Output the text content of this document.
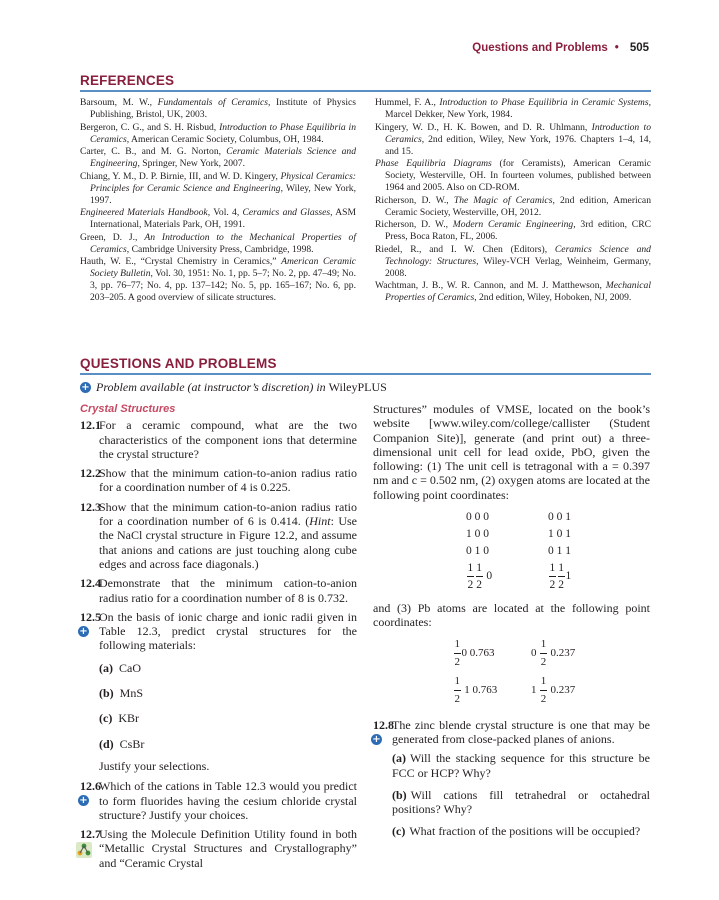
Questions and Problems • 505
REFERENCES
Barsoum, M. W., Fundamentals of Ceramics, Institute of Physics Publishing, Bristol, UK, 2003.
Bergeron, C. G., and S. H. Risbud, Introduction to Phase Equilibria in Ceramics, American Ceramic Society, Columbus, OH, 1984.
Carter, C. B., and M. G. Norton, Ceramic Materials Science and Engineering, Springer, New York, 2007.
Chiang, Y. M., D. P. Birnie, III, and W. D. Kingery, Physical Ceramics: Principles for Ceramic Science and Engineering, Wiley, New York, 1997.
Engineered Materials Handbook, Vol. 4, Ceramics and Glasses, ASM International, Materials Park, OH, 1991.
Green, D. J., An Introduction to the Mechanical Properties of Ceramics, Cambridge University Press, Cambridge, 1998.
Hauth, W. E., “Crystal Chemistry in Ceramics,” American Ceramic Society Bulletin, Vol. 30, 1951: No. 1, pp. 5–7; No. 2, pp. 47–49; No. 3, pp. 76–77; No. 4, pp. 137–142; No. 5, pp. 165–167; No. 6, pp. 203–205. A good overview of silicate structures.
Hummel, F. A., Introduction to Phase Equilibria in Ceramic Systems, Marcel Dekker, New York, 1984.
Kingery, W. D., H. K. Bowen, and D. R. Uhlmann, Introduction to Ceramics, 2nd edition, Wiley, New York, 1976. Chapters 1–4, 14, and 15.
Phase Equilibria Diagrams (for Ceramists), American Ceramic Society, Westerville, OH. In fourteen volumes, published between 1964 and 2005. Also on CD-ROM.
Richerson, D. W., The Magic of Ceramics, 2nd edition, American Ceramic Society, Westerville, OH, 2012.
Richerson, D. W., Modern Ceramic Engineering, 3rd edition, CRC Press, Boca Raton, FL, 2006.
Riedel, R., and I. W. Chen (Editors), Ceramics Science and Technology: Structures, Wiley-VCH Verlag, Weinheim, Germany, 2008.
Wachtman, J. B., W. R. Cannon, and M. J. Matthewson, Mechanical Properties of Ceramics, 2nd edition, Wiley, Hoboken, NJ, 2009.
QUESTIONS AND PROBLEMS
+ Problem available (at instructor’s discretion) in WileyPLUS
Crystal Structures
12.1
For a ceramic compound, what are the two characteristics of the component ions that determine the crystal structure?
12.2
Show that the minimum cation-to-anion radius ratio for a coordination number of 4 is 0.225.
12.3
Show that the minimum cation-to-anion radius ratio for a coordination number of 6 is 0.414. (Hint: Use the NaCl crystal structure in Figure 12.2, and assume that anions and cations are just touching along cube edges and across face diagonals.)
12.4
Demonstrate that the minimum cation-to-anion radius ratio for a coordination number of 8 is 0.732.
12.5
+
On the basis of ionic charge and ionic radii given in Table 12.3, predict crystal structures for the following materials:
(a) CaO
(b) MnS
(c) KBr
(d) CsBr
Justify your selections.
12.6
+
Which of the cations in Table 12.3 would you predict to form fluorides having the cesium chloride crystal structure? Justify your choices.
12.7
Using the Molecule Definition Utility found in both “Metallic Crystal Structures and Crystallography” and “Ceramic Crystal
Structures” modules of VMSE, located on the book’s website [www.wiley.com/college/callister (Student Companion Site)], generate (and print out) a three-dimensional unit cell for lead oxide, PbO, given the following: (1) The unit cell is tetragonal with a = 0.397 nm and c = 0.502 nm, (2) oxygen atoms are located at the following point coordinates:
0 0 0	0 0 1
1 0 0	1 0 1
0 1 0	0 1 1
$\frac{1}{2} \frac{1}{2} 0$	$\frac{1}{2} \frac{1}{2} 1$
and (3) Pb atoms are located at the following point coordinates:
$\frac{1}{2} 0$ 0.763	$0 \frac{1}{2} 0.237$
$\frac{1}{2} 1$ 0.763	$1 \frac{1}{2} 0.237$
12.8
+
The zinc blende crystal structure is one that may be generated from close-packed planes of anions.
(a) Will the stacking sequence for this structure be FCC or HCP? Why?
(b) Will cations fill tetrahedral or octahedral positions? Why?
(c) What fraction of the positions will be occupied?
